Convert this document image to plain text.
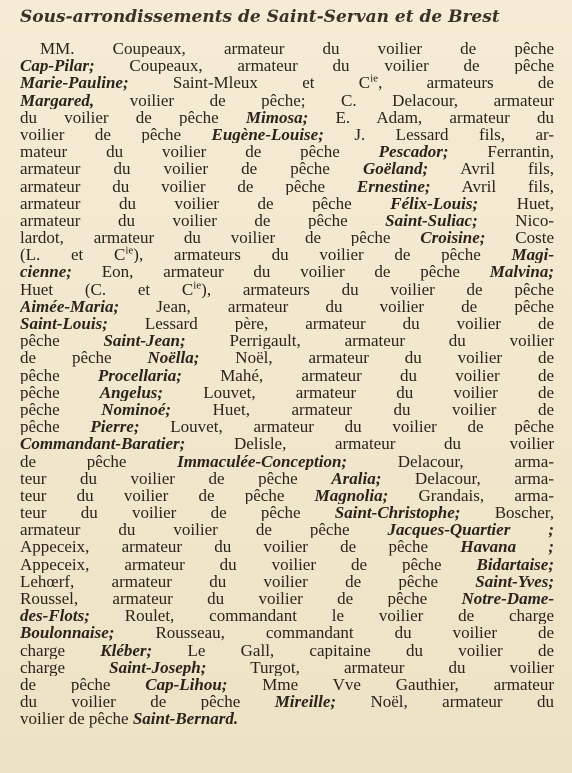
Sous-arrondissements de Saint-Servan et de Brest
MM. Coupeaux, armateur du voilier de pêche
Cap-Pilar; Coupeaux, armateur du voilier de pêche
Marie-Pauline; Saint-Mleux et $C^{ie}$, armateurs de
Margared, voilier de pêche; C. Delacour, armateur
du voilier de pêche Mimosa; E. Adam, armateur du
voilier de pêche Eugène-Louise; J. Lessard fils, ar-
mateur du voilier de pêche Pescador; Ferrantin,
armateur du voilier de pêche Goëland; Avril fils,
armateur du voilier de pêche Ernestine; Avril fils,
armateur du voilier de pêche Félix-Louis; Huet,
armateur du voilier de pêche Saint-Suliac; Nico-
lardot, armateur du voilier de pêche Croisine; Coste
(L. et $C^{ie}$), armateurs du voilier de pêche Magi-
cienne; Eon, armateur du voilier de pêche Malvina;
Huet (C. et $C^{ie}$), armateurs du voilier de pêche
Aimée-Maria; Jean, armateur du voilier de pêche
Saint-Louis; Lessard père, armateur du voilier de
pêche Saint-Jean; Perrigault, armateur du voilier
de pêche Noëlla; Noël, armateur du voilier de
pêche Procellaria; Mahé, armateur du voilier de
pêche Angelus; Louvet, armateur du voilier de
pêche Nominoé; Huet, armateur du voilier de
pêche Pierre; Louvet, armateur du voilier de pêche
Commandant-Baratier; Delisle, armateur du voilier
de pêche Immaculée-Conception; Delacour, arma-
teur du voilier de pêche Aralia; Delacour, arma-
teur du voilier de pêche Magnolia; Grandais, arma-
teur du voilier de pêche Saint-Christophe; Boscher,
armateur du voilier de pêche Jacques-Quartier ;
Appeceix, armateur du voilier de pêche Havana ;
Appeceix, armateur du voilier de pêche Bidartaise;
Lehœrf, armateur du voilier de pêche Saint-Yves;
Roussel, armateur du voilier de pêche Notre-Dame-
des-Flots; Roulet, commandant le voilier de charge
Boulonnaise; Rousseau, commandant du voilier de
charge Kléber; Le Gall, capitaine du voilier de
charge Saint-Joseph; Turgot, armateur du voilier
de pêche Cap-Lihou; Mme Vve Gauthier, armateur
du voilier de pêche Mireille; Noël, armateur du
voilier de pêche Saint-Bernard.
